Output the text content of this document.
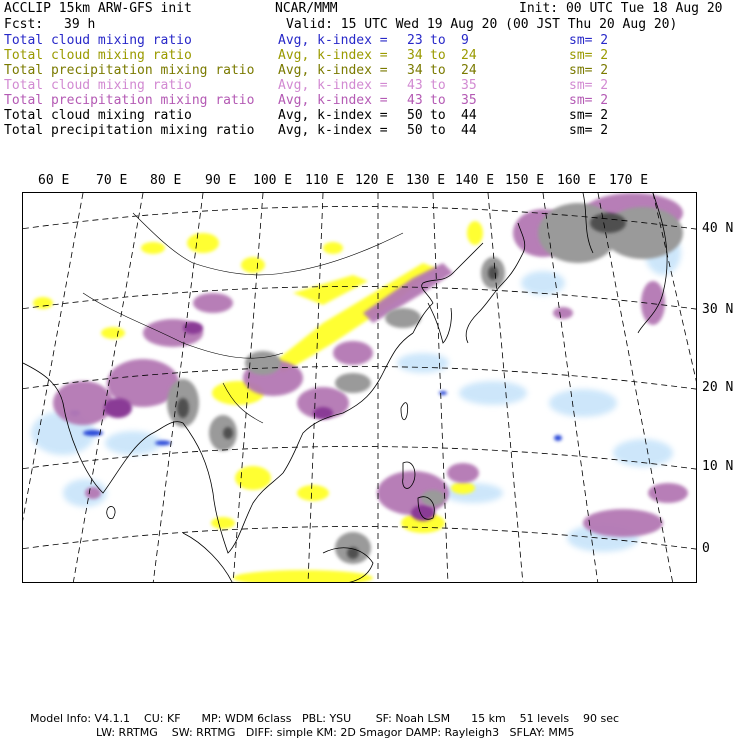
ACCLIP 15km ARW-GFS init	NCAR/MMM	Init: 00 UTC Tue 18 Aug 20
Fcst: 39 h	Valid: 15 UTC Wed 19 Aug 20 (00 JST Thu 20 Aug 20)
Total cloud mixing ratio	Avg, k-index = 23 to 9	sm= 2
Total cloud mixing ratio	Avg, k-index = 34 to 24	sm= 2
Total precipitation mixing ratio Avg, k-index = 34 to 24	sm= 2
Total cloud mixing ratio	Avg, k-index = 43 to 35	sm= 2
Total precipitation mixing ratio Avg, k-index = 43 to 35	sm= 2
Total cloud mixing ratio	Avg, k-index = 50 to 44	sm= 2
Total precipitation mixing ratio Avg, k-index = 50 to 44	sm= 2
60 E 70 E 80 E 90 E 100 E 110 E 120 E 130 E 140 E 150 E 160 E 170 E
40 N
30 N
20 N
10 N
0
Model Info: V4.1.1    CU: KF      MP: WDM 6class   PBL: YSU       SF: Noah LSM      15 km    51 levels    90 sec
LW: RRTMG    SW: RRTMG   DIFF: simple KM: 2D Smagor DAMP: Rayleigh3   SFLAY: MM5
